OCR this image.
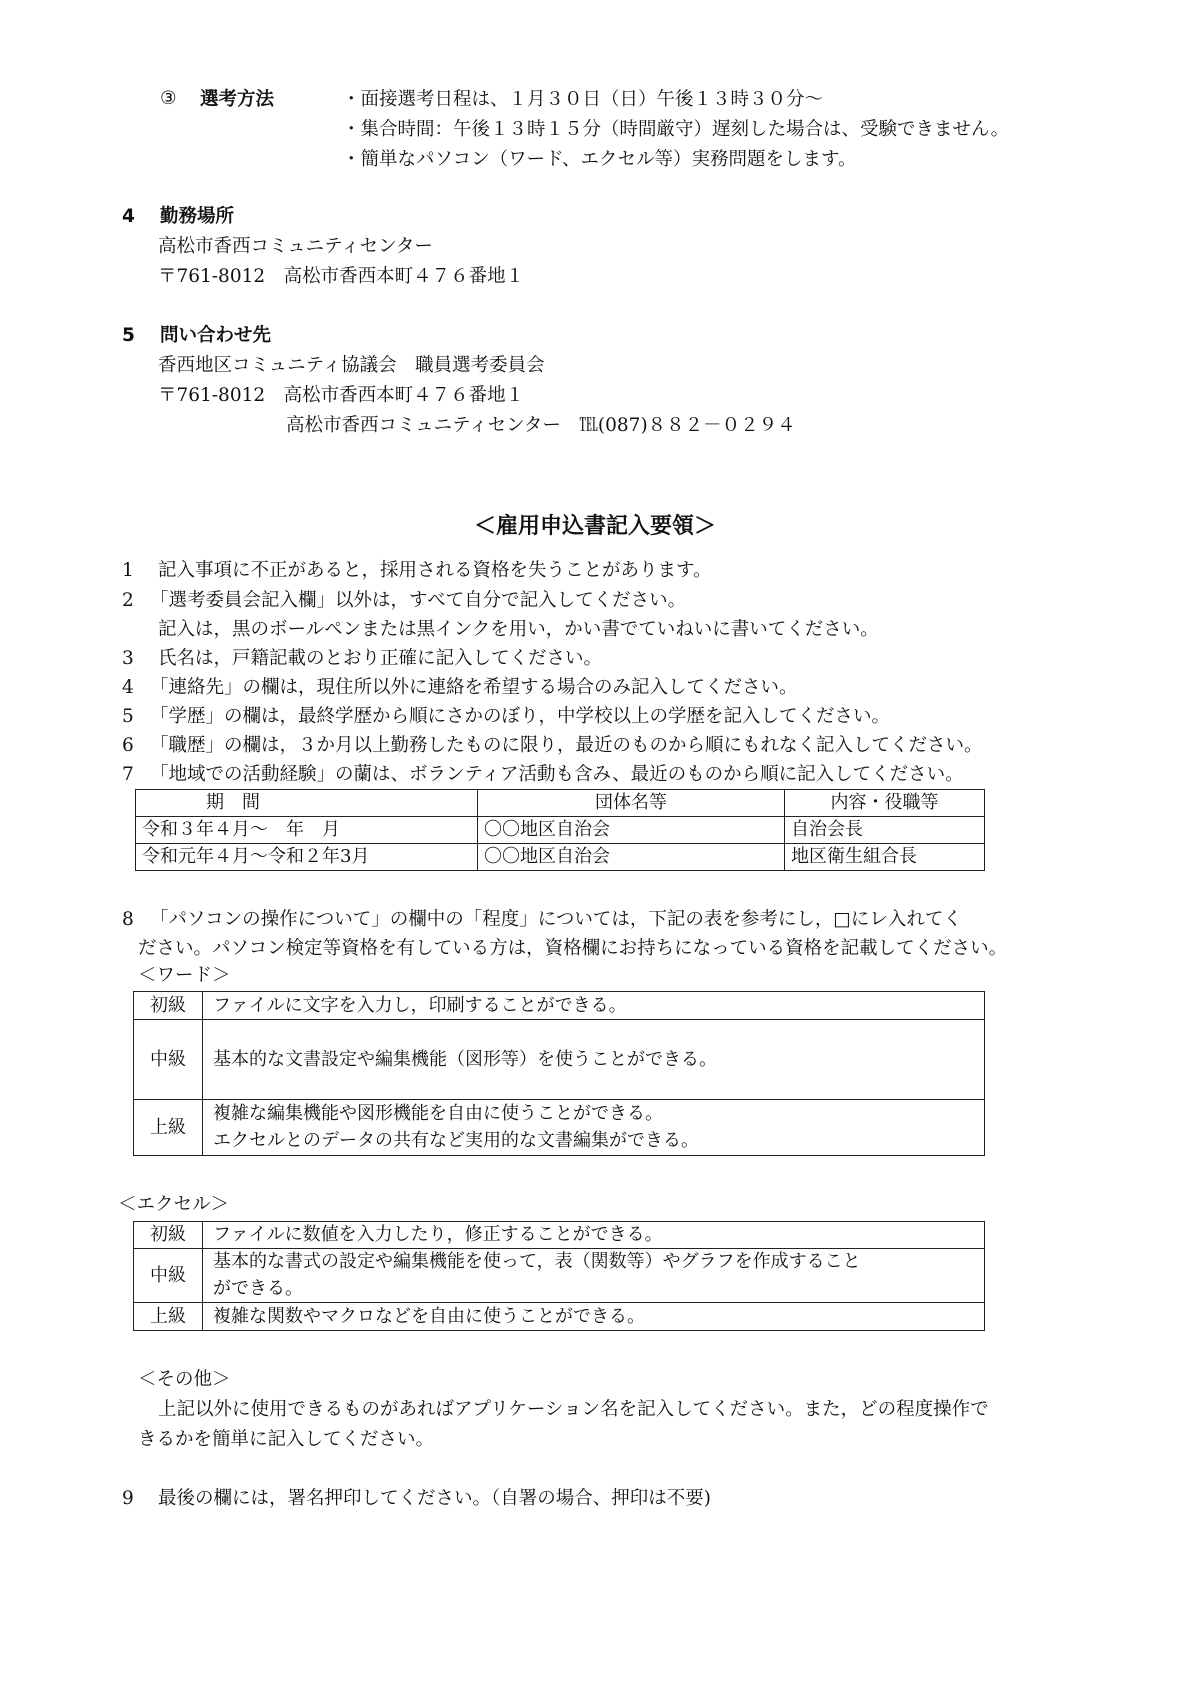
③ 選考方法	・面接選考日程は、１月３０日（日）午後１３時３０分～
・集合時間：午後１３時１５分（時間厳守）遅刻した場合は、受験できません。
・簡単なパソコン（ワード、エクセル等）実務問題をします。
4 勤務場所
高松市香西コミュニティセンター
〒761-8012　高松市香西本町４７６番地１
5 問い合わせ先
香西地区コミュニティ協議会　職員選考委員会
〒761-8012　高松市香西本町４７６番地１
高松市香西コミュニティセンター　℡(087)８８２－０２９４
＜雇用申込書記入要領＞
1 記入事項に不正があると，採用される資格を失うことがあります。
2 「選考委員会記入欄」以外は，すべて自分で記入してください。
記入は，黒のボールペンまたは黒インクを用い，かい書でていねいに書いてください。
3 氏名は，戸籍記載のとおり正確に記入してください。
4 「連絡先」の欄は，現住所以外に連絡を希望する場合のみ記入してください。
5 「学歴」の欄は，最終学歴から順にさかのぼり，中学校以上の学歴を記入してください。
6 「職歴」の欄は，３か月以上勤務したものに限り，最近のものから順にもれなく記入してください。
7 「地域での活動経験」の蘭は、ボランティア活動も含み、最近のものから順に記入してください。
期　間	団体名等	内容・役職等
令和３年４月～　年　月	〇〇地区自治会	自治会長
令和元年４月～令和２年3月	〇〇地区自治会	地区衛生組合長
8 「パソコンの操作について」の欄中の「程度」については，下記の表を参考にし，□にレ入れてく
ださい。パソコン検定等資格を有している方は，資格欄にお持ちになっている資格を記載してください。
＜ワード＞
初級	ファイルに文字を入力し，印刷することができる。
中級	基本的な文書設定や編集機能（図形等）を使うことができる。
上級	複雑な編集機能や図形機能を自由に使うことができる。
エクセルとのデータの共有など実用的な文書編集ができる。
＜エクセル＞
初級	ファイルに数値を入力したり，修正することができる。
中級	基本的な書式の設定や編集機能を使って，表（関数等）やグラフを作成すること
ができる。

上級	複雑な関数やマクロなどを自由に使うことができる。
＜その他＞
上記以外に使用できるものがあればアプリケーション名を記入してください。また，どの程度操作で
きるかを簡単に記入してください。
9 最後の欄には，署名押印してください。（自署の場合、押印は不要)
